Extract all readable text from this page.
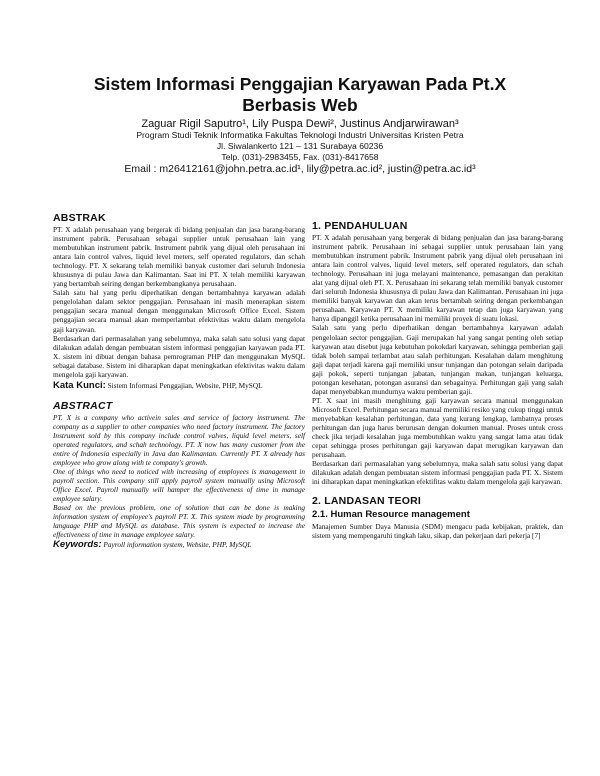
Sistem Informasi Penggajian Karyawan Pada Pt.X
Berbasis Web
Zaguar Rigil Saputro¹, Lily Puspa Dewi², Justinus Andjarwirawan³
Program Studi Teknik Informatika Fakultas Teknologi Industri Universitas Kristen Petra
Jl. Siwalankerto 121 – 131 Surabaya 60236
Telp. (031)-2983455, Fax. (031)-8417658
Email : m26412161@john.petra.ac.id¹, lily@petra.ac.id², justin@petra.ac.id³
ABSTRAK

PT. X adalah perusahaan yang bergerak di bidang penjualan dan jasa barang-barang instrument pabrik. Perusahaan sebagai supplier untuk perusahaan lain yang membutuhkan instrument pabrik. Instrument pabrik yang dijual oleh perusahaan ini antara lain control valves, liquid level meters, self operated regulators, dan schah technology. PT. X sekarang telah memiliki banyak customer dari seluruh Indonesia khususnya di pulau Jawa dan Kalimantan. Saat ini PT. X telah memiliki karyawan yang bertambah seiring dengan berkembangkanya perusahaan.

Salah satu hal yang perlu diperhatikan dengan bertambahnya karyawan adalah pengelolahan dalam sektor penggajian. Perusahaan ini masih menerapkan sistem penggajian secara manual dengan menggunakan Microsoft Office Excel. Sistem penggajian secara manual akan memperlambat efektivitas waktu dalam mengelola gaji karyawan.

Berdasarkan dari permasalahan yang sebelumnya, maka salah satu solusi yang dapat dilakukan adalah dengan pembuatan sistem informasi penggajian karyawan pada PT. X. sistem ini dibuat dengan bahasa pemrograman PHP dan menggunakan MySQL sebagai database. Sistem ini diharapkan dapat meningkatkan efektivitas waktu dalam mengelola gaji karyawan.

Kata Kunci: Sistem Informasi Penggajian, Website, PHP, MySQL

ABSTRACT

PT. X is a company who activein sales and service of factory instrument. The company as a supplier to other companies who need factory instrument. The factory Instrument sold by this company include control valves, liquid level meters, self operated regulators, and schah technology. PT. X now has many customer from the entire of Indonesia especially in Java dan Kalimantan. Currently PT. X already has employee who grow along with te company's growth.

One of things who need to noticed with increasing of employees is management in payroll section. This company still apply payroll system manually using Microsoft Office Excel. Payroll manually will hamper the effectiveness of time in manage employee salary.

Based on the previous problem, one of solution that can be done is making information system of employee's payroll PT. X. This system made by programming language PHP and MySQL as database. This system is expected to increase the effectiveness of time in manage employee salary.

Keywords: Payroll information system, Website, PHP, MySQL

1. PENDAHULUAN

PT. X adalah perusahaan yang bergerak di bidang penjualan dan jasa barang-barang instrument pabrik. Perusahaan ini sebagai supplier untuk perusahaan lain yang membutuhkan instrument pabrik. Instrument pabrik yang dijual oleh perusahaan ini antara lain control valves, liquid level meters, self operated regulators, dan schah technology. Perusahaan ini juga melayani maintenance, pemasangan dan perakitan alat yang dijual oleh PT. X. Perusahaan ini sekarang telah memiliki banyak customer dari seluruh Indonesia khususnya di pulau Jawa dan Kalimantan. Perusahaan ini juga memiliki banyak karyawan dan akan terus bertambah seiring dengan perkembangan perusahaan. Karyawan PT. X memiliki karyawan tetap dan juga karyawan yang hanya dipanggil ketika perusahaan ini memiliki proyek di suatu lokasi.

Salah satu yang perlu diperhatikan dengan bertambahnya karyawan adalah pengelolaan sector penggajian. Gaji merupakan hal yang sangat penting oleh setiap karyawan atau disebut juga kebutuhan pokokdari karyawan, sehingga pemberian gaji tidak boleh sampai terlambat atau salah perhitungan. Kesalahan dalam menghitung gaji dapat terjadi karena gaji memiliki unsur tunjangan dan potongan selain daripada gaji pokok, seperti tunjangan jabatan, tunjangan makan, tunjangan keluarga, potongan kesehatan, potongan asuransi dan sebagainya. Perhitungan gaji yang salah dapat menyebabkan mundurnya waktu pemberian gaji.

PT. X saat ini masih menghitung gaji karyawan secara manual menggunakan Microsoft Excel. Perhitungan secara manual memiliki resiko yang cukup tinggi untuk menyebabkan kesalahan perhitungan, data yang kurang lengkap, lambatnya proses perhitungan dan juga harus berurusan dengan dokumen manual. Proses untuk cross check jika terjadi kesalahan juga membutuhkan waktu yang sangat lama atau tidak cepat sehingga proses perhitungan gaji karyawan dapat merugikan karyawan dan perusahaan.

Berdasarkan dari permasalahan yang sebelumnya, maka salah satu solusi yang dapat dilakukan adalah dengan pembuatan sistem informasi penggajian pada PT. X. Sistem ini diharapkan dapat meningkatkan efektifitas waktu dalam mengelola gaji karyawan.

2. LANDASAN TEORI
2.1. Human Resource management

Manajemen Sumber Daya Manusia (SDM) mengacu pada kebijakan, praktek, dan sistem yang mempengaruhi tingkah laku, sikap, dan pekerjaan dari pekerja [7]
